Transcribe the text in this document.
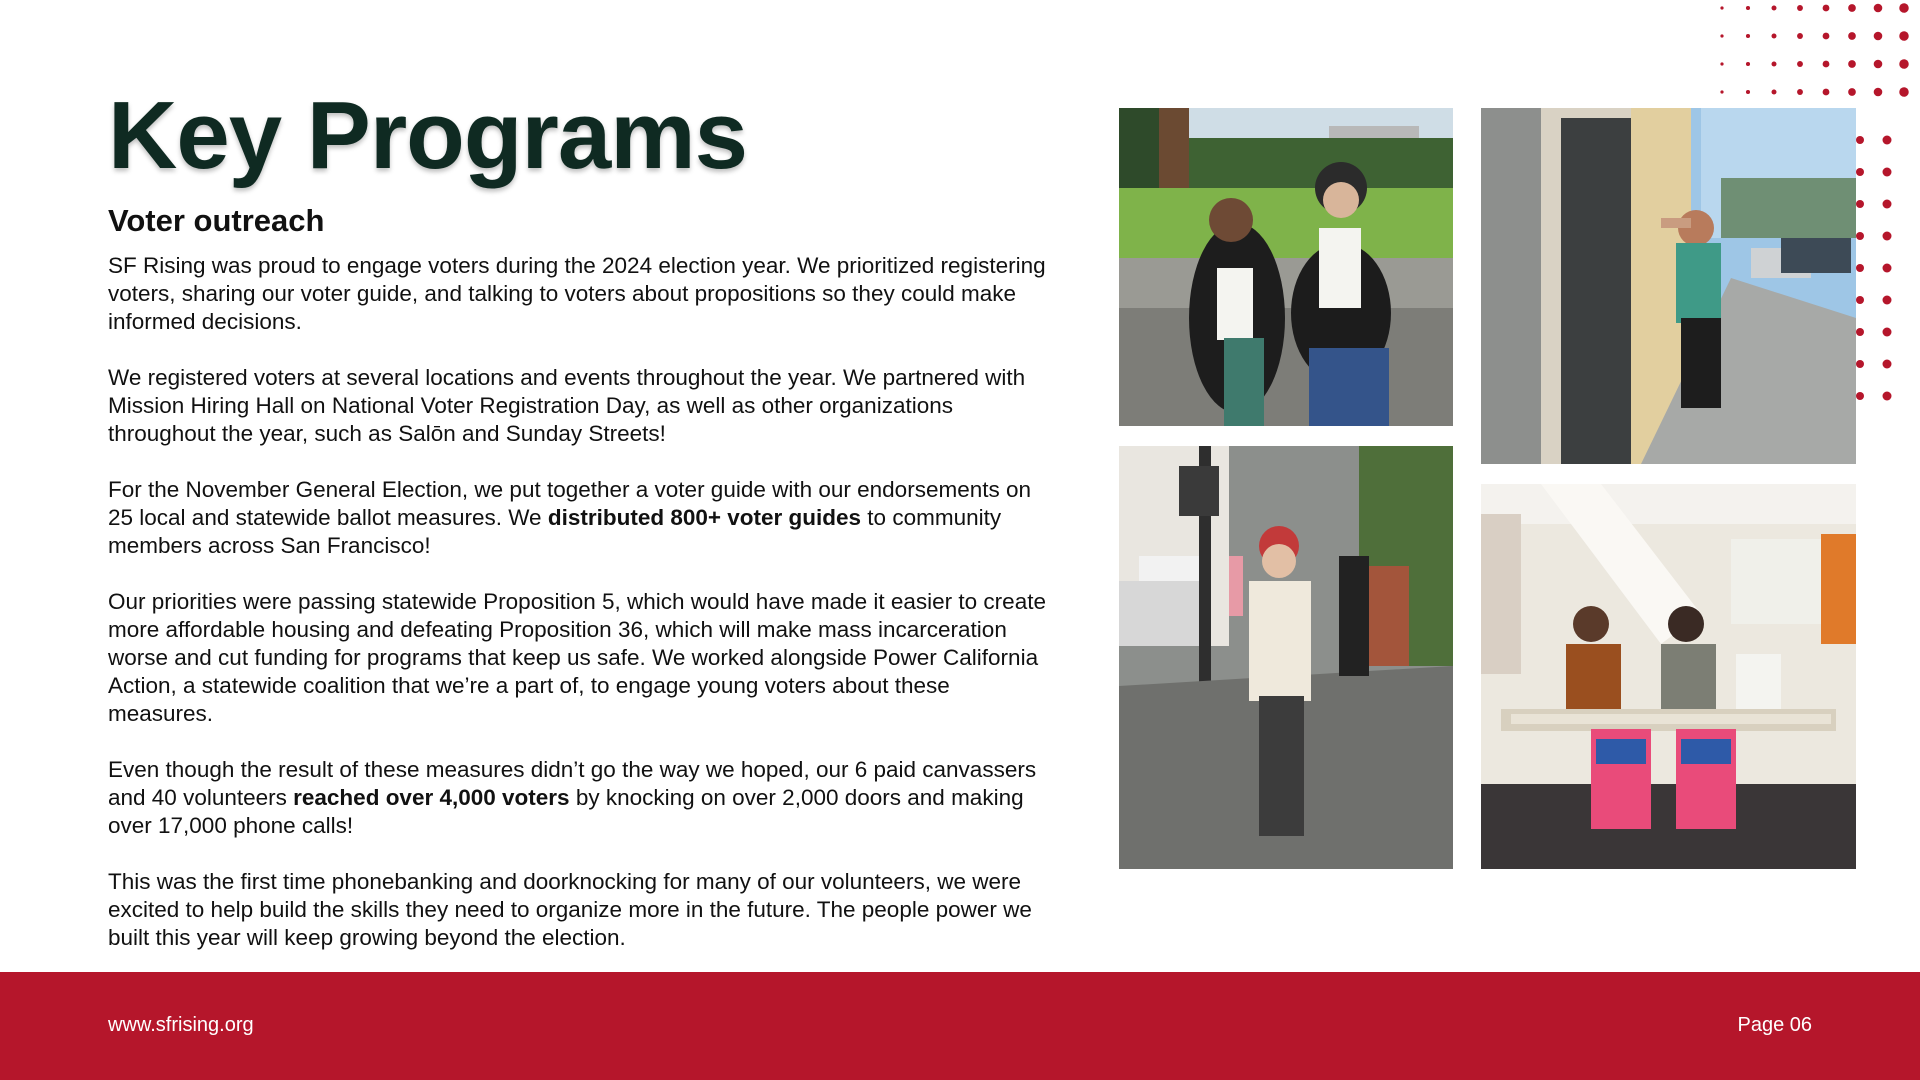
Key Programs
Voter outreach

SF Rising was proud to engage voters during the 2024 election year. We prioritized registering voters, sharing our voter guide, and talking to voters about propositions so they could make informed decisions.

We registered voters at several locations and events throughout the year. We partnered with Mission Hiring Hall on National Voter Registration Day, as well as other organizations throughout the year, such as Salōn and Sunday Streets!

For the November General Election, we put together a voter guide with our endorsements on 25 local and statewide ballot measures. We distributed 800+ voter guides to community members across San Francisco!

Our priorities were passing statewide Proposition 5, which would have made it easier to create more affordable housing and defeating Proposition 36, which will make mass incarceration worse and cut funding for programs that keep us safe. We worked alongside Power California Action, a statewide coalition that we’re a part of, to engage young voters about these measures.

Even though the result of these measures didn’t go the way we hoped, our 6 paid canvassers and 40 volunteers reached over 4,000 voters by knocking on over 2,000 doors and making over 17,000 phone calls!

This was the first time phonebanking and doorknocking for many of our volunteers, we were excited to help build the skills they need to organize more in the future. The people power we built this year will keep growing beyond the election.

www.sfrising.org	Page 06
